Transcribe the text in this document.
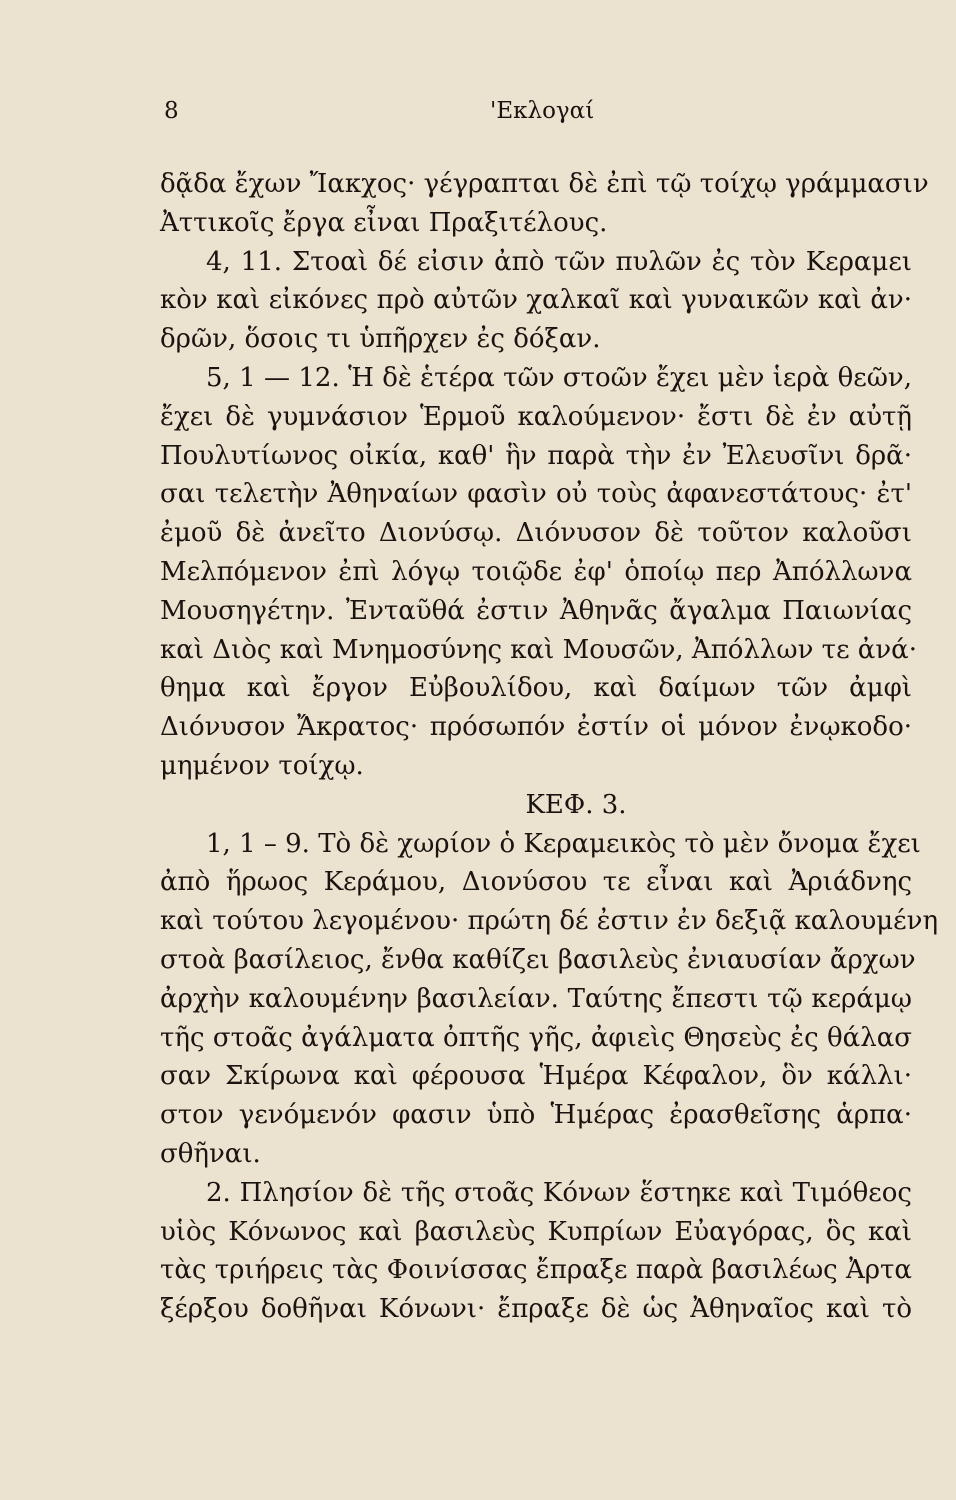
8	'Εκλογαί
δᾷδα ἔχων Ἴακχος· γέγραπται δὲ ἐπὶ τῷ τοίχῳ γράμμασιν
Ἀττικοῖς ἔργα εἶναι Πραξιτέλους.
4, 11. Στοαὶ δέ εἰσιν ἀπὸ τῶν πυλῶν ἐς τὸν Κεραμει
κὸν καὶ εἰκόνες πρὸ αὐτῶν χαλκαῖ καὶ γυναικῶν καὶ ἀν·
δρῶν, ὅσοις τι ὑπῆρχεν ἐς δόξαν.
5, 1 — 12. Ἡ δὲ ἑτέρα τῶν στοῶν ἔχει μὲν ἱερὰ θεῶν,
ἔχει δὲ γυμνάσιον Ἑρμοῦ καλούμενον· ἔστι δὲ ἐν αὐτῇ
Πουλυτίωνος οἰκία, καθ' ἣν παρὰ τὴν ἐν Ἐλευσῖνι δρᾶ·
σαι τελετὴν Ἀθηναίων φασὶν οὐ τοὺς ἀφανεστάτους· ἐτ'
ἐμοῦ δὲ ἀνεῖτο Διονύσῳ. Διόνυσον δὲ τοῦτον καλοῦσι
Μελπόμενον ἐπὶ λόγῳ τοιῷδε ἐφ' ὁποίῳ περ Ἀπόλλωνα
Μουσηγέτην. Ἐνταῦθά ἐστιν Ἀθηνᾶς ἄγαλμα Παιωνίας
καὶ Διὸς καὶ Μνημοσύνης καὶ Μουσῶν, Ἀπόλλων τε ἀνά·
θημα καὶ ἔργον Εὐβουλίδου, καὶ δαίμων τῶν ἀμφὶ
Διόνυσον Ἄκρατος· πρόσωπόν ἐστίν οἱ μόνον ἐνῳκοδο·
μημένον τοίχῳ.
ΚΕΦ. 3.
1, 1 – 9. Τὸ δὲ χωρίον ὁ Κεραμεικὸς τὸ μὲν ὄνομα ἔχει
ἀπὸ ἥρωος Κεράμου, Διονύσου τε εἶναι καὶ Ἀριάδνης
καὶ τούτου λεγομένου· πρώτη δέ ἐστιν ἐν δεξιᾷ καλουμένη
στοὰ βασίλειος, ἔνθα καθίζει βασιλεὺς ἐνιαυσίαν ἄρχων
ἀρχὴν καλουμένην βασιλείαν. Ταύτης ἔπεστι τῷ κεράμῳ
τῆς στοᾶς ἀγάλματα ὀπτῆς γῆς, ἀφιεὶς Θησεὺς ἐς θάλασ
σαν Σκίρωνα καὶ φέρουσα Ἡμέρα Κέφαλον, ὃν κάλλι·
στον γενόμενόν φασιν ὑπὸ Ἡμέρας ἐρασθεῖσης ἁρπα·
σθῆναι.
2. Πλησίον δὲ τῆς στοᾶς Κόνων ἕστηκε καὶ Τιμόθεος
υἱὸς Κόνωνος καὶ βασιλεὺς Κυπρίων Εὐαγόρας, ὃς καὶ
τὰς τριήρεις τὰς Φοινίσσας ἔπραξε παρὰ βασιλέως Ἀρτα
ξέρξου δοθῆναι Κόνωνι· ἔπραξε δὲ ὡς Ἀθηναῖος καὶ τὸ
